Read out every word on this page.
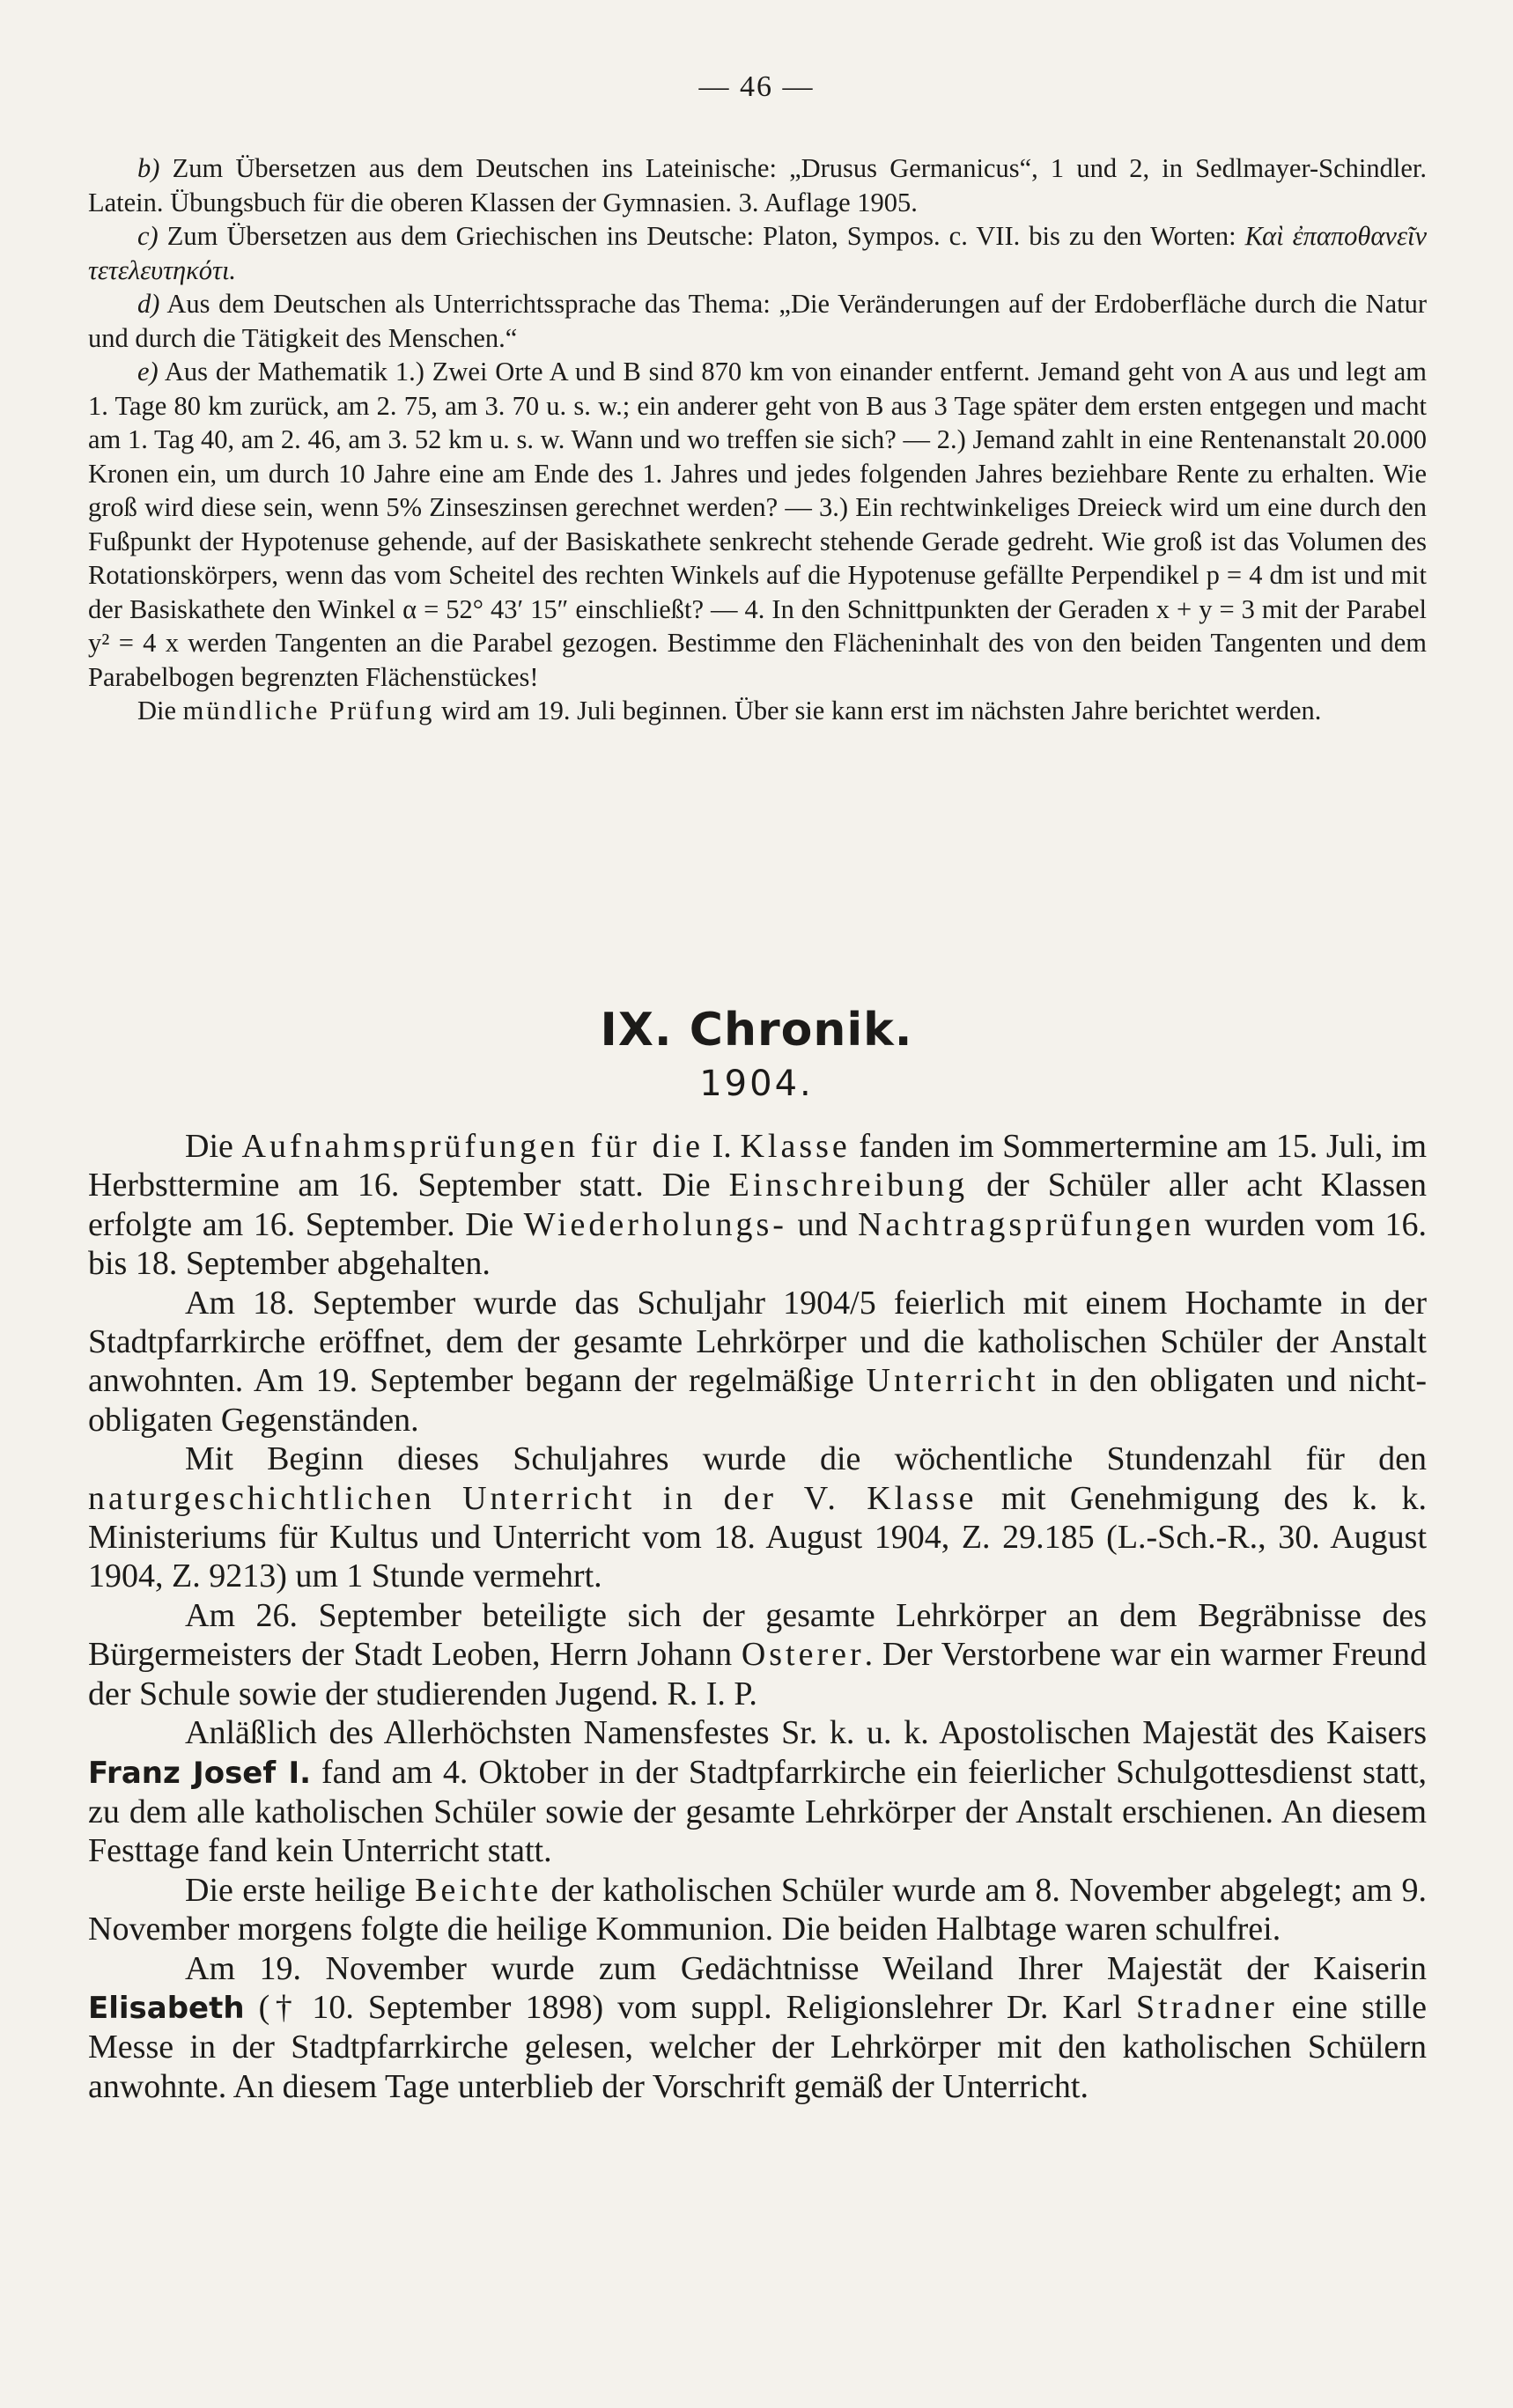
— 46 —

b) Zum Übersetzen aus dem Deutschen ins Lateinische: „Drusus Germanicus“, 1 und 2, in Sedlmayer-Schindler. Latein. Übungsbuch für die oberen Klassen der Gymnasien. 3. Auflage 1905.

c) Zum Übersetzen aus dem Griechischen ins Deutsche: Platon, Sympos. c. VII. bis zu den Worten: Καὶ ἐπαποθανεῖν τετελευτηκότι.

d) Aus dem Deutschen als Unterrichtssprache das Thema: „Die Veränderungen auf der Erdoberfläche durch die Natur und durch die Tätigkeit des Menschen.“

e) Aus der Mathematik 1.) Zwei Orte A und B sind 870 km von einander entfernt. Jemand geht von A aus und legt am 1. Tage 80 km zurück, am 2. 75, am 3. 70 u. s. w.; ein anderer geht von B aus 3 Tage später dem ersten entgegen und macht am 1. Tag 40, am 2. 46, am 3. 52 km u. s. w. Wann und wo treffen sie sich? — 2.) Jemand zahlt in eine Rentenanstalt 20.000 Kronen ein, um durch 10 Jahre eine am Ende des 1. Jahres und jedes folgenden Jahres beziehbare Rente zu erhalten. Wie groß wird diese sein, wenn 5% Zinseszinsen gerechnet werden? — 3.) Ein rechtwinkeliges Dreieck wird um eine durch den Fußpunkt der Hypotenuse gehende, auf der Basiskathete senkrecht stehende Gerade gedreht. Wie groß ist das Volumen des Rotationskörpers, wenn das vom Scheitel des rechten Winkels auf die Hypotenuse gefällte Perpendikel p = 4 dm ist und mit der Basiskathete den Winkel α = 52° 43′ 15″ einschließt? — 4. In den Schnittpunkten der Geraden x + y = 3 mit der Parabel y² = 4 x werden Tangenten an die Parabel gezogen. Bestimme den Flächeninhalt des von den beiden Tangenten und dem Parabelbogen begrenzten Flächenstückes!

Die mündliche Prüfung wird am 19. Juli beginnen. Über sie kann erst im nächsten Jahre berichtet werden.

IX. Chronik.
1904.

Die Aufnahmsprüfungen für die I. Klasse fanden im Sommertermine am 15. Juli, im Herbsttermine am 16. September statt. Die Einschreibung der Schüler aller acht Klassen erfolgte am 16. September. Die Wiederholungs- und Nachtragsprüfungen wurden vom 16. bis 18. September abgehalten.

Am 18. September wurde das Schuljahr 1904/5 feierlich mit einem Hochamte in der Stadtpfarrkirche eröffnet, dem der gesamte Lehrkörper und die katholischen Schüler der Anstalt anwohnten. Am 19. September begann der regelmäßige Unterricht in den obligaten und nicht-obligaten Gegenständen.

Mit Beginn dieses Schuljahres wurde die wöchentliche Stundenzahl für den naturgeschichtlichen Unterricht in der V. Klasse mit Genehmigung des k. k. Ministeriums für Kultus und Unterricht vom 18. August 1904, Z. 29.185 (L.-Sch.-R., 30. August 1904, Z. 9213) um 1 Stunde vermehrt.

Am 26. September beteiligte sich der gesamte Lehrkörper an dem Begräbnisse des Bürgermeisters der Stadt Leoben, Herrn Johann Osterer. Der Verstorbene war ein warmer Freund der Schule sowie der studierenden Jugend. R. I. P.

Anläßlich des Allerhöchsten Namensfestes Sr. k. u. k. Apostolischen Majestät des Kaisers Franz Josef I. fand am 4. Oktober in der Stadtpfarrkirche ein feierlicher Schulgottesdienst statt, zu dem alle katholischen Schüler sowie der gesamte Lehrkörper der Anstalt erschienen. An diesem Festtage fand kein Unterricht statt.

Die erste heilige Beichte der katholischen Schüler wurde am 8. November abgelegt; am 9. November morgens folgte die heilige Kommunion. Die beiden Halbtage waren schulfrei.

Am 19. November wurde zum Gedächtnisse Weiland Ihrer Majestät der Kaiserin Elisabeth († 10. September 1898) vom suppl. Religionslehrer Dr. Karl Stradner eine stille Messe in der Stadtpfarrkirche gelesen, welcher der Lehrkörper mit den katholischen Schülern anwohnte. An diesem Tage unterblieb der Vorschrift gemäß der Unterricht.
